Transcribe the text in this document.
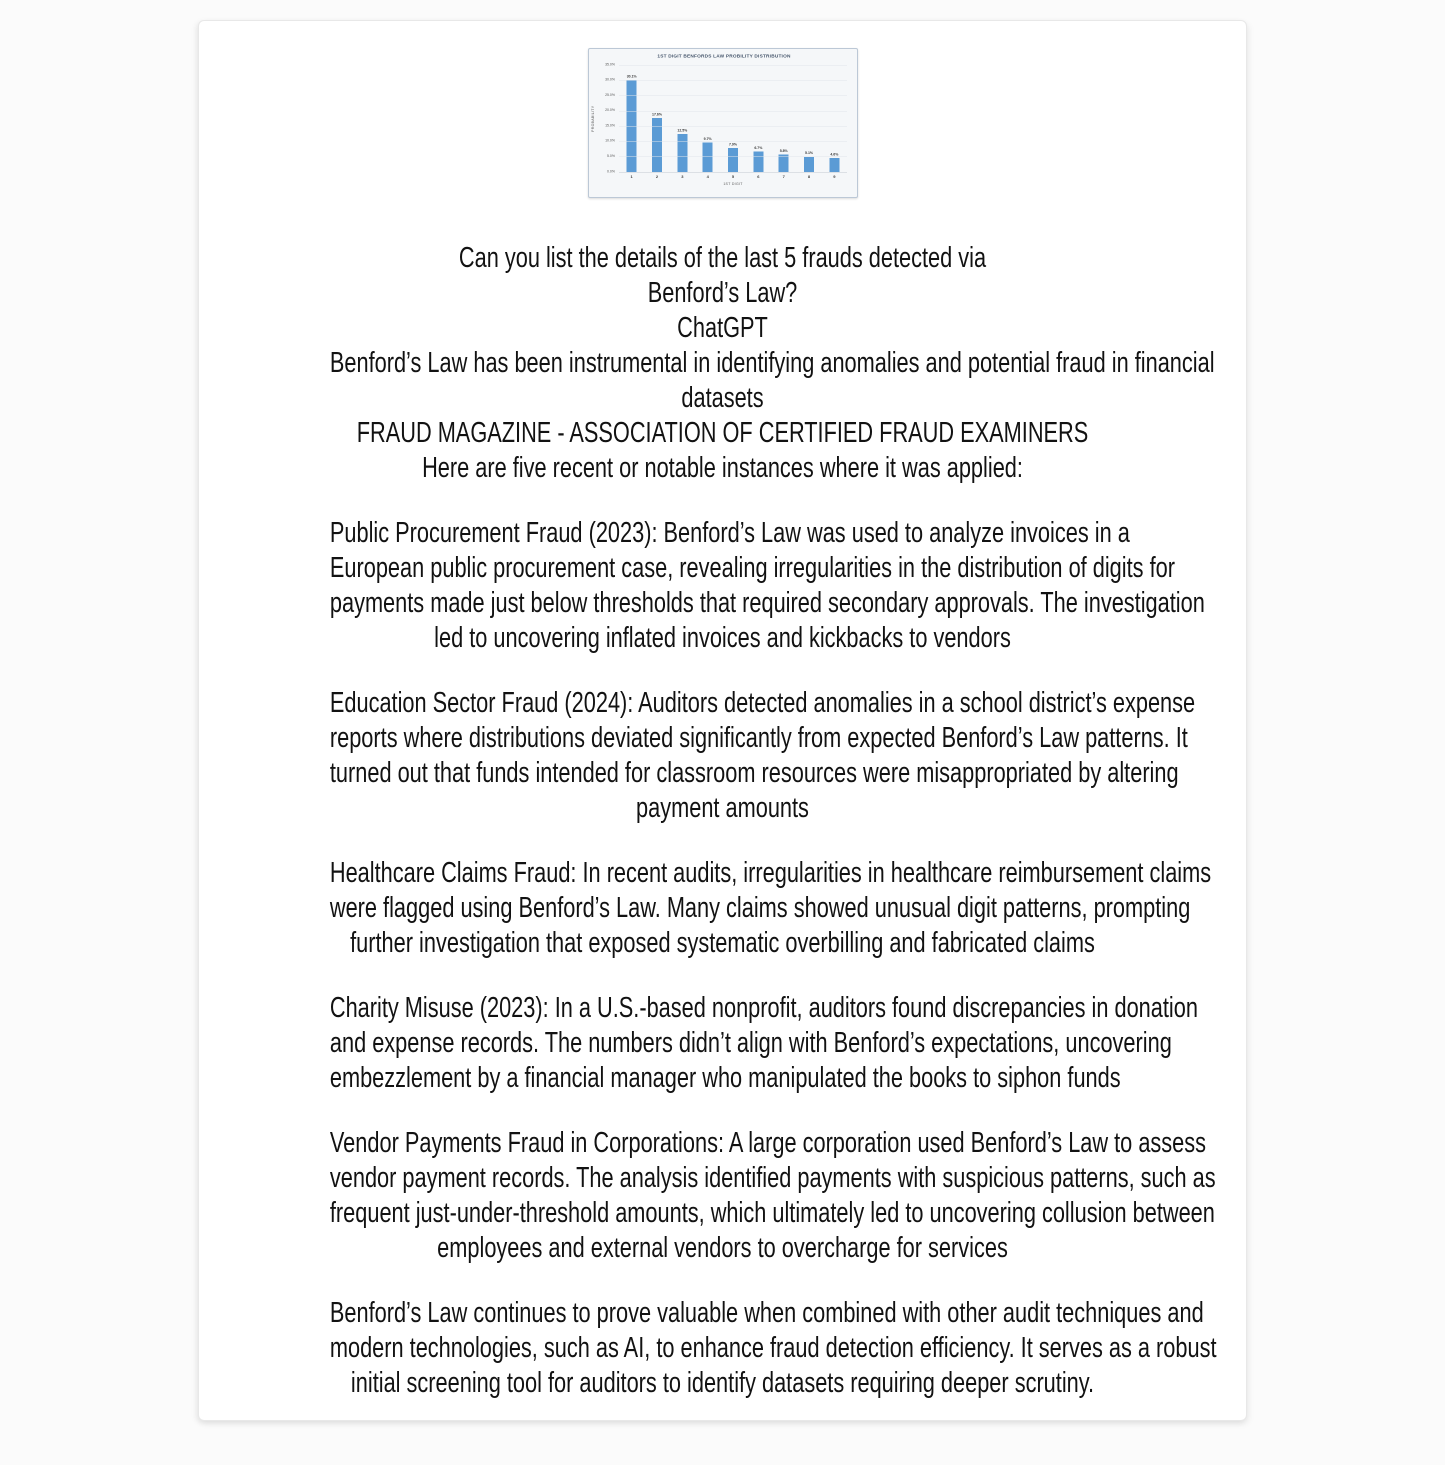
1ST DIGIT BENFORDS LAW PROBILITY DISTRIBUTION
PROBABILITY
30.1%
17.6%
12.5%
9.7%
7.9%
6.7%
5.8%
5.1% 4.6%
35.0%
30.0%
25.0%
20.0%
15.0%
10.0%
5.0%
0.0%
1	2	3	4	5	6	7	8	9
1ST DIGIT

Can you list the details of the last 5 frauds detected via
Benford’s Law?
ChatGPT
Benford’s Law has been instrumental in identifying anomalies and potential fraud in financial
datasets
FRAUD MAGAZINE - ASSOCIATION OF CERTIFIED FRAUD EXAMINERS
Here are five recent or notable instances where it was applied:

Public Procurement Fraud (2023): Benford’s Law was used to analyze invoices in a
European public procurement case, revealing irregularities in the distribution of digits for
payments made just below thresholds that required secondary approvals. The investigation
led to uncovering inflated invoices and kickbacks to vendors

Education Sector Fraud (2024): Auditors detected anomalies in a school district’s expense
reports where distributions deviated significantly from expected Benford’s Law patterns. It
turned out that funds intended for classroom resources were misappropriated by altering
payment amounts

Healthcare Claims Fraud: In recent audits, irregularities in healthcare reimbursement claims
were flagged using Benford’s Law. Many claims showed unusual digit patterns, prompting
further investigation that exposed systematic overbilling and fabricated claims

Charity Misuse (2023): In a U.S.-based nonprofit, auditors found discrepancies in donation
and expense records. The numbers didn’t align with Benford’s expectations, uncovering
embezzlement by a financial manager who manipulated the books to siphon funds

Vendor Payments Fraud in Corporations: A large corporation used Benford’s Law to assess
vendor payment records. The analysis identified payments with suspicious patterns, such as
frequent just-under-threshold amounts, which ultimately led to uncovering collusion between
employees and external vendors to overcharge for services

Benford’s Law continues to prove valuable when combined with other audit techniques and
modern technologies, such as AI, to enhance fraud detection efficiency. It serves as a robust
initial screening tool for auditors to identify datasets requiring deeper scrutiny.
